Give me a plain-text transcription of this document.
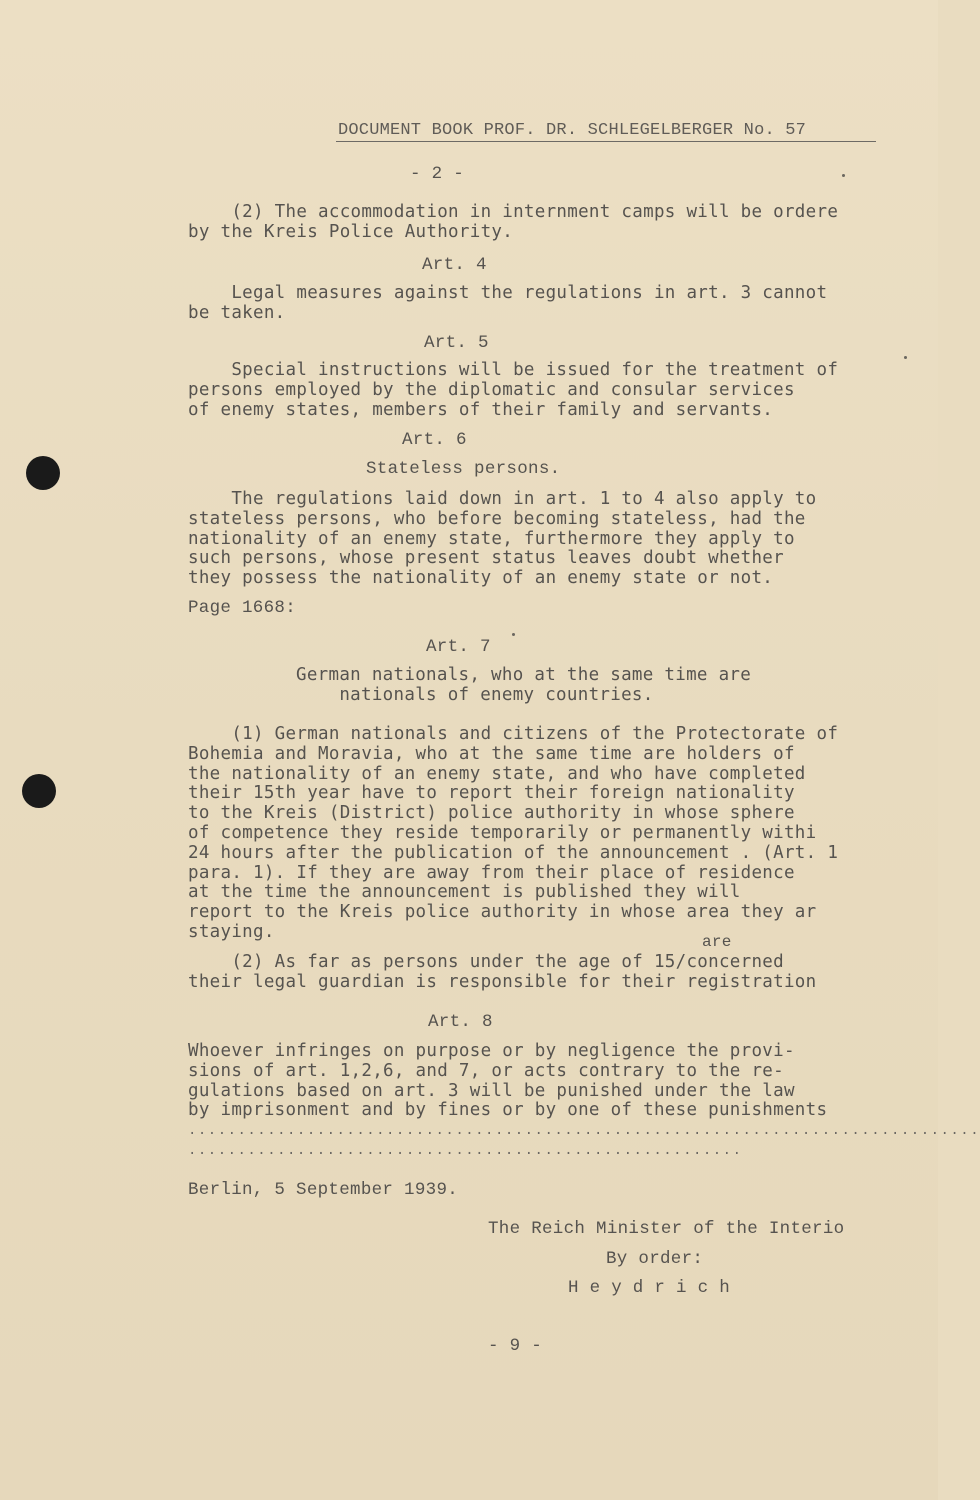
DOCUMENT BOOK PROF. DR. SCHLEGELBERGER No. 57
- 2 -
(2) The accommodation in internment camps will be ordere
by the Kreis Police Authority.
Art. 4
Legal measures against the regulations in art. 3 cannot
be taken.
Art. 5
Special instructions will be issued for the treatment of
persons employed by the diplomatic and consular services
of enemy states, members of their family and servants.
Art. 6
Stateless persons.
The regulations laid down in art. 1 to 4 also apply to
stateless persons, who before becoming stateless, had the
nationality of an enemy state, furthermore they apply to
such persons, whose present status leaves doubt whether
they possess the nationality of an enemy state or not.
Page 1668:
Art. 7
German nationals, who at the same time are
nationals of enemy countries.
(1) German nationals and citizens of the Protectorate of
Bohemia and Moravia, who at the same time are holders of
the nationality of an enemy state, and who have completed
their 15th year have to report their foreign nationality
to the Kreis (District) police authority in whose sphere
of competence they reside temporarily or permanently withi
24 hours after the publication of the announcement . (Art. 1
para. 1). If they are away from their place of residence
at the time the announcement is published they will
report to the Kreis police authority in whose area they ar
staying.
are
(2) As far as persons under the age of 15/concerned
their legal guardian is responsible for their registration
Art. 8
Whoever infringes on purpose or by negligence the provi-
sions of art. 1,2,6, and 7, or acts contrary to the re-
gulations based on art. 3 will be punished under the law
by imprisonment and by fines or by one of these punishments
................................................................................
........................................................
Berlin, 5 September 1939.
The Reich Minister of the Interio
By order:
H e y d r i c h
- 9 -
